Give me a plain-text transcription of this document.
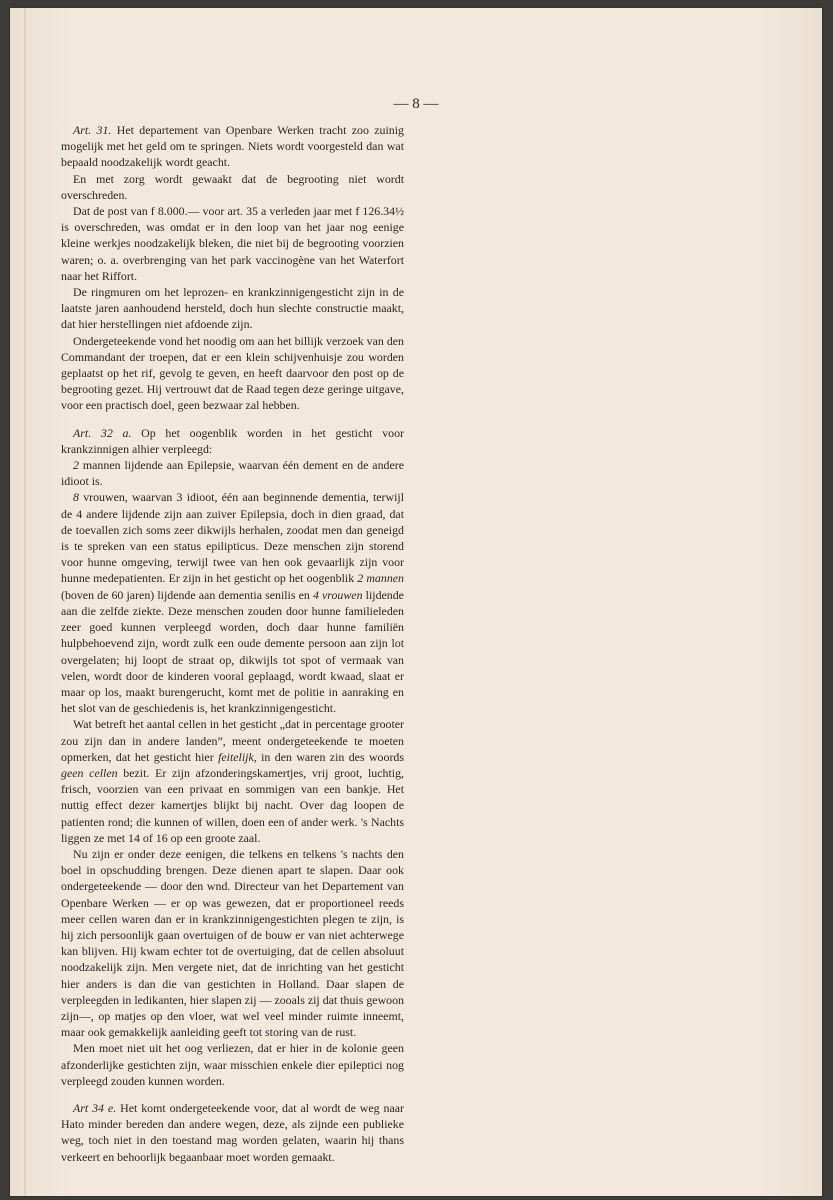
— 8 —

Art. 31. Het departement van Openbare Werken tracht zoo zuinig mogelijk met het geld om te springen. Niets wordt voorgesteld dan wat bepaald noodzakelijk wordt geacht.

En met zorg wordt gewaakt dat de begrooting niet wordt overschreden.

Dat de post van f 8.000.— voor art. 35 a verleden jaar met f 126.34½ is overschreden, was omdat er in den loop van het jaar nog eenige kleine werkjes noodzakelijk bleken, die niet bij de begrooting voorzien waren; o. a. overbrenging van het park vaccinogène van het Waterfort naar het Riffort.

De ringmuren om het leprozen- en krankzinnigengesticht zijn in de laatste jaren aanhoudend hersteld, doch hun slechte constructie maakt, dat hier herstellingen niet afdoende zijn.

Ondergeteekende vond het noodig om aan het billijk verzoek van den Commandant der troepen, dat er een klein schijvenhuisje zou worden geplaatst op het rif, gevolg te geven, en heeft daarvoor den post op de begrooting gezet. Hij vertrouwt dat de Raad tegen deze geringe uitgave, voor een practisch doel, geen bezwaar zal hebben.

Art. 32 a. Op het oogenblik worden in het gesticht voor krankzinnigen alhier verpleegd:

2 mannen lijdende aan Epilepsie, waarvan één dement en de andere idioot is.

8 vrouwen, waarvan 3 idioot, één aan beginnende dementia, terwijl de 4 andere lijdende zijn aan zuiver Epilepsia, doch in dien graad, dat de toevallen zich soms zeer dikwijls herhalen, zoodat men dan geneigd is te spreken van een status epilipticus. Deze menschen zijn storend voor hunne omgeving, terwijl twee van hen ook gevaarlijk zijn voor hunne medepatienten. Er zijn in het gesticht op het oogenblik 2 mannen (boven de 60 jaren) lijdende aan dementia senilis en 4 vrouwen lijdende aan die zelfde ziekte. Deze menschen zouden door hunne familieleden zeer goed kunnen verpleegd worden, doch daar hunne familiën hulpbehoevend zijn, wordt zulk een oude demente persoon aan zijn lot overgelaten; hij loopt de straat op, dikwijls tot spot of vermaak van velen, wordt door de kinderen vooral geplaagd, wordt kwaad, slaat er maar op los, maakt burengerucht, komt met de politie in aanraking en het slot van de geschiedenis is, het krankzinnigengesticht.

Wat betreft het aantal cellen in het gesticht „dat in percentage grooter zou zijn dan in andere landen”, meent ondergeteekende te moeten opmerken, dat het gesticht hier feitelijk, in den waren zin des woords geen cellen bezit. Er zijn afzonderingskamertjes, vrij groot, luchtig, frisch, voorzien van een privaat en sommigen van een bankje. Het nuttig effect dezer kamertjes blijkt bij nacht. Over dag loopen de patienten rond; die kunnen of willen, doen een of ander werk. 's Nachts liggen ze met 14 of 16 op een groote zaal.

Nu zijn er onder deze eenigen, die telkens en telkens 's nachts den boel in opschudding brengen. Deze dienen apart te slapen. Daar ook ondergeteekende — door den wnd. Directeur van het Departement van Openbare Werken — er op was gewezen, dat er proportioneel reeds meer cellen waren dan er in krankzinnigengestichten plegen te zijn, is hij zich persoonlijk gaan overtuigen of de bouw er van niet achterwege kan blijven. Hij kwam echter tot de overtuiging, dat de cellen absoluut noodzakelijk zijn. Men vergete niet, dat de inrichting van het gesticht hier anders is dan die van gestichten in Holland. Daar slapen de verpleegden in ledikanten, hier slapen zij — zooals zij dat thuis gewoon zijn—, op matjes op den vloer, wat wel veel minder ruimte inneemt, maar ook gemakkelijk aanleiding geeft tot storing van de rust.

Men moet niet uit het oog verliezen, dat er hier in de kolonie geen afzonderlijke gestichten zijn, waar misschien enkele dier epileptici nog verpleegd zouden kunnen worden.

Art 34 e. Het komt ondergeteekende voor, dat al wordt de weg naar Hato minder bereden dan andere wegen, deze, als zijnde een publieke weg, toch niet in den toestand mag worden gelaten, waarin hij thans verkeert en behoorlijk begaanbaar moet worden gemaakt.
